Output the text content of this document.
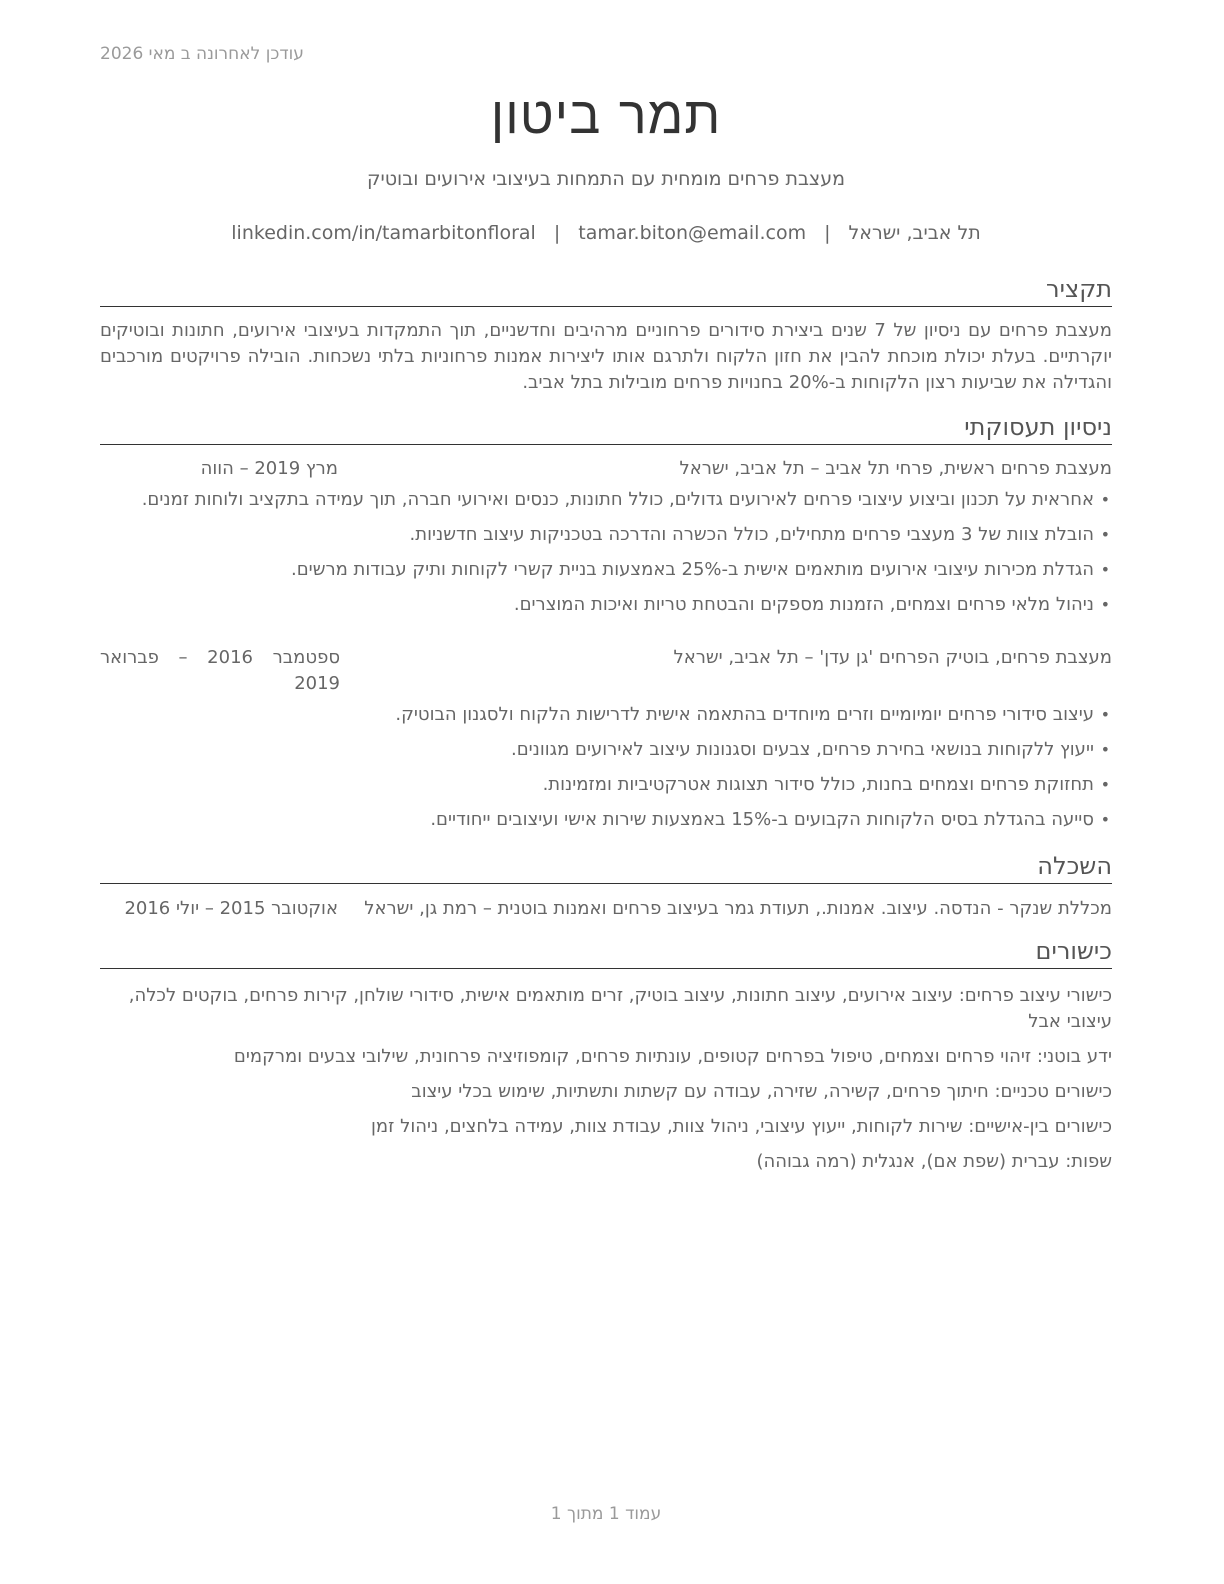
עודכן לאחרונה ב מאי 2026
תמר ביטון
מעצבת פרחים מומחית עם התמחות בעיצובי אירועים ובוטיק
תל אביב, ישראל
|
tamar.biton@email.com
|
linkedin.com/in/tamarbitonfloral
תקציר

מעצבת פרחים עם ניסיון של 7 שנים ביצירת סידורים פרחוניים מרהיבים וחדשניים, תוך התמקדות בעיצובי אירועים, חתונות ובוטיקים יוקרתיים. בעלת יכולת מוכחת להבין את חזון הלקוח ולתרגם אותו ליצירות אמנות פרחוניות בלתי נשכחות. הובילה פרויקטים מורכבים והגדילה את שביעות רצון הלקוחות ב-20% בחנויות פרחים מובילות בתל אביב.

ניסיון תעסוקתי
מעצבת פרחים ראשית, פרחי תל אביב – תל אביב, ישראל
מרץ 2019 – הווה
• אחראית על תכנון וביצוע עיצובי פרחים לאירועים גדולים, כולל חתונות, כנסים ואירועי חברה, תוך עמידה בתקציב ולוחות זמנים.
• הובלת צוות של 3 מעצבי פרחים מתחילים, כולל הכשרה והדרכה בטכניקות עיצוב חדשניות.
• הגדלת מכירות עיצובי אירועים מותאמים אישית ב-25% באמצעות בניית קשרי לקוחות ותיק עבודות מרשים.
• ניהול מלאי פרחים וצמחים, הזמנות מספקים והבטחת טריות ואיכות המוצרים.
מעצבת פרחים, בוטיק הפרחים 'גן עדן' – תל אביב, ישראל
ספטמבר 2016 – פברואר 2019
• עיצוב סידורי פרחים יומיומיים וזרים מיוחדים בהתאמה אישית לדרישות הלקוח ולסגנון הבוטיק.
• ייעוץ ללקוחות בנושאי בחירת פרחים, צבעים וסגנונות עיצוב לאירועים מגוונים.
• תחזוקת פרחים וצמחים בחנות, כולל סידור תצוגות אטרקטיביות ומזמינות.
• סייעה בהגדלת בסיס הלקוחות הקבועים ב-15% באמצעות שירות אישי ועיצובים ייחודיים.
השכלה
מכללת שנקר - הנדסה. עיצוב. אמנות., תעודת גמר בעיצוב פרחים ואמנות בוטנית – רמת גן, ישראל
אוקטובר 2015 – יולי 2016
כישורים
כישורי עיצוב פרחים: עיצוב אירועים, עיצוב חתונות, עיצוב בוטיק, זרים מותאמים אישית, סידורי שולחן, קירות פרחים, בוקטים לכלה, עיצובי אבל
ידע בוטני: זיהוי פרחים וצמחים, טיפול בפרחים קטופים, עונתיות פרחים, קומפוזיציה פרחונית, שילובי צבעים ומרקמים
כישורים טכניים: חיתוך פרחים, קשירה, שזירה, עבודה עם קשתות ותשתיות, שימוש בכלי עיצוב
כישורים בין-אישיים: שירות לקוחות, ייעוץ עיצובי, ניהול צוות, עבודת צוות, עמידה בלחצים, ניהול זמן
שפות: עברית (שפת אם), אנגלית (רמה גבוהה)
עמוד 1 מתוך 1
